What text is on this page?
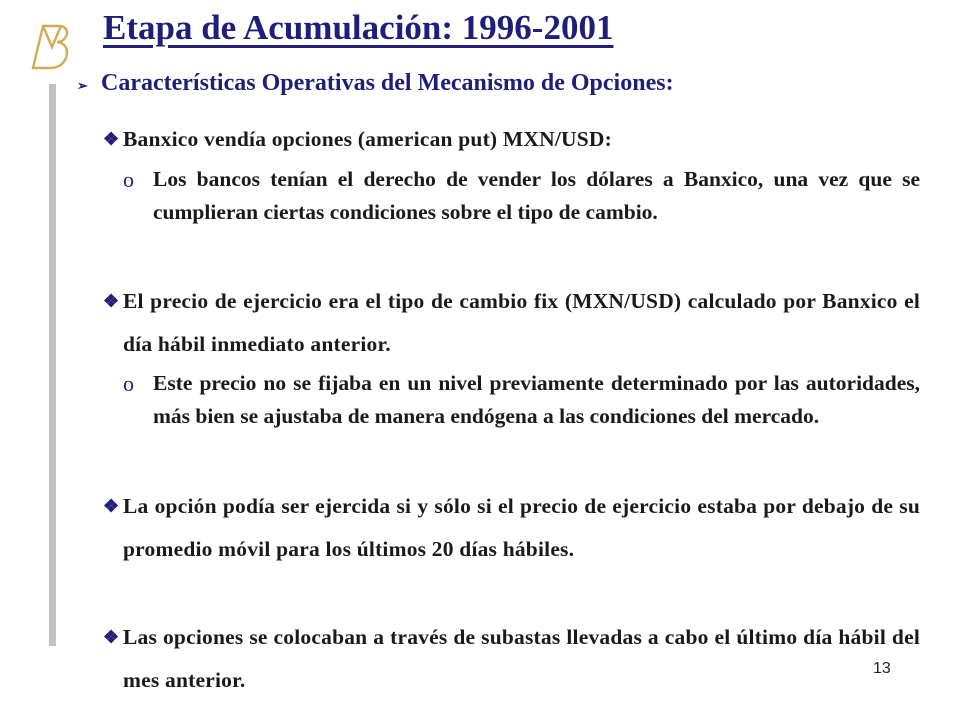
Etapa de Acumulación: 1996-2001
➢ Características Operativas del Mecanismo de Opciones:
❖ Banxico vendía opciones (american put) MXN/USD:
o Los bancos tenían el derecho de vender los dólares a Banxico, una vez que se cumplieran ciertas condiciones sobre el tipo de cambio.
❖ El precio de ejercicio era el tipo de cambio fix (MXN/USD) calculado por Banxico el día hábil inmediato anterior.
o Este precio no se fijaba en un nivel previamente determinado por las autoridades, más bien se ajustaba de manera endógena a las condiciones del mercado.
❖ La opción podía ser ejercida si y sólo si el precio de ejercicio estaba por debajo de su promedio móvil para los últimos 20 días hábiles.
❖ Las opciones se colocaban a través de subastas llevadas a cabo el último día hábil del mes anterior.	13
